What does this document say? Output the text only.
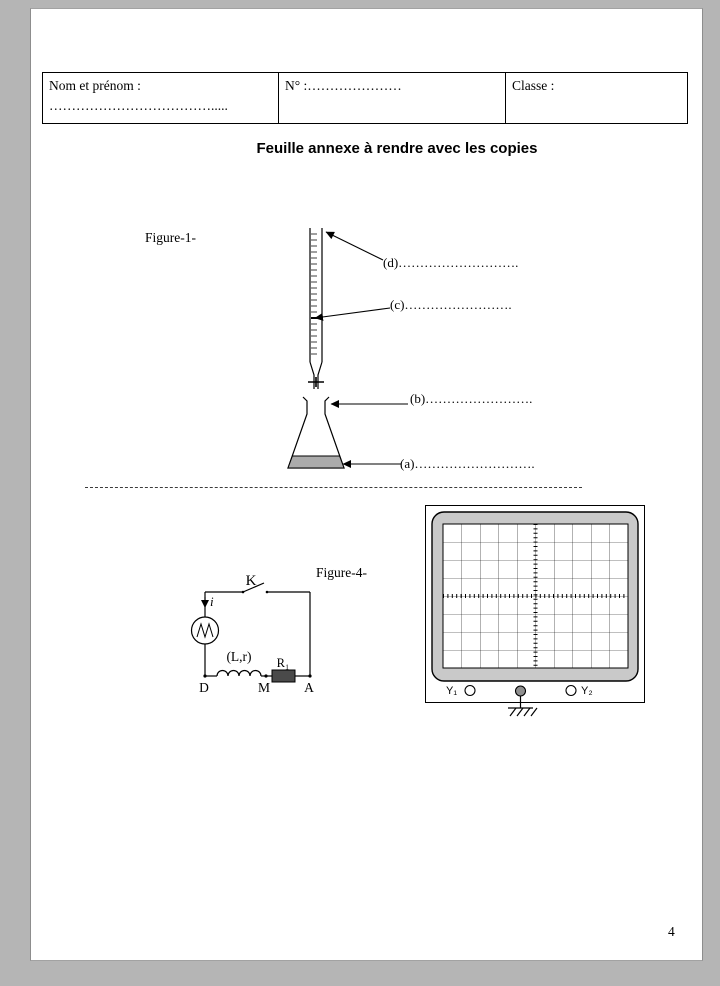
Nom et prénom :
……………………………….....
N° :…………………	Classe :
Feuille annexe à rendre avec les copies
Figure-1-
(d)……………………….
(c)…………………….
(b)…………………….
(a)……………………….
Figure-4-
K
i
(L,r) R₁
D	M	A	Y₁	Y₂
4
